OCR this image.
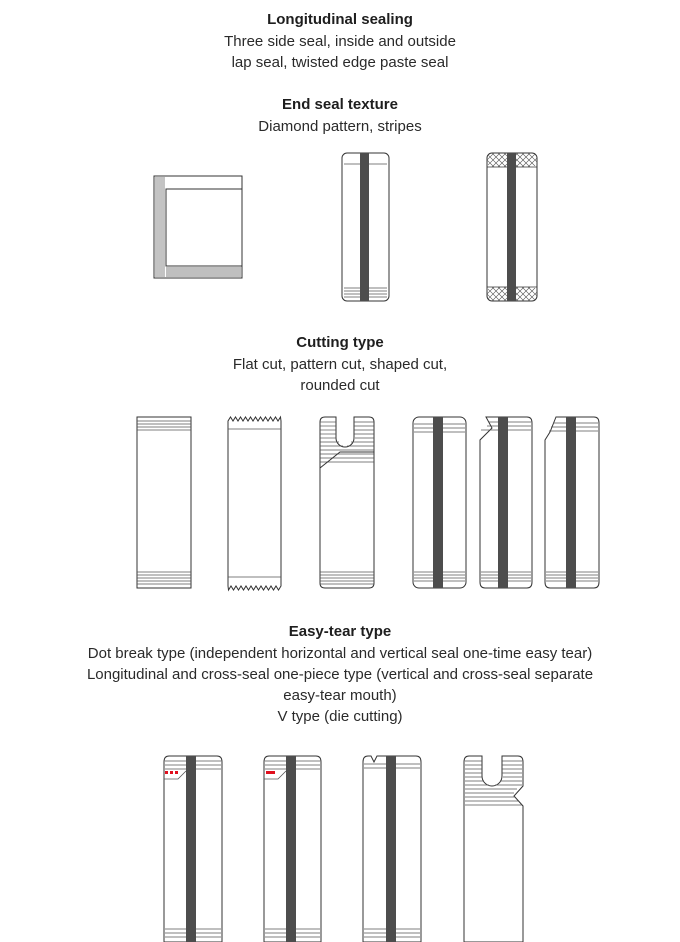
Longitudinal sealing
Three side seal, inside and outside
lap seal, twisted edge paste seal
End seal texture
Diamond pattern, stripes
Cutting type
Flat cut, pattern cut, shaped cut,
rounded cut
Easy-tear type
Dot break type (independent horizontal and vertical seal one-time easy tear)
Longitudinal and cross-seal one-piece type (vertical and cross-seal separate
easy-tear mouth)
V type (die cutting)
